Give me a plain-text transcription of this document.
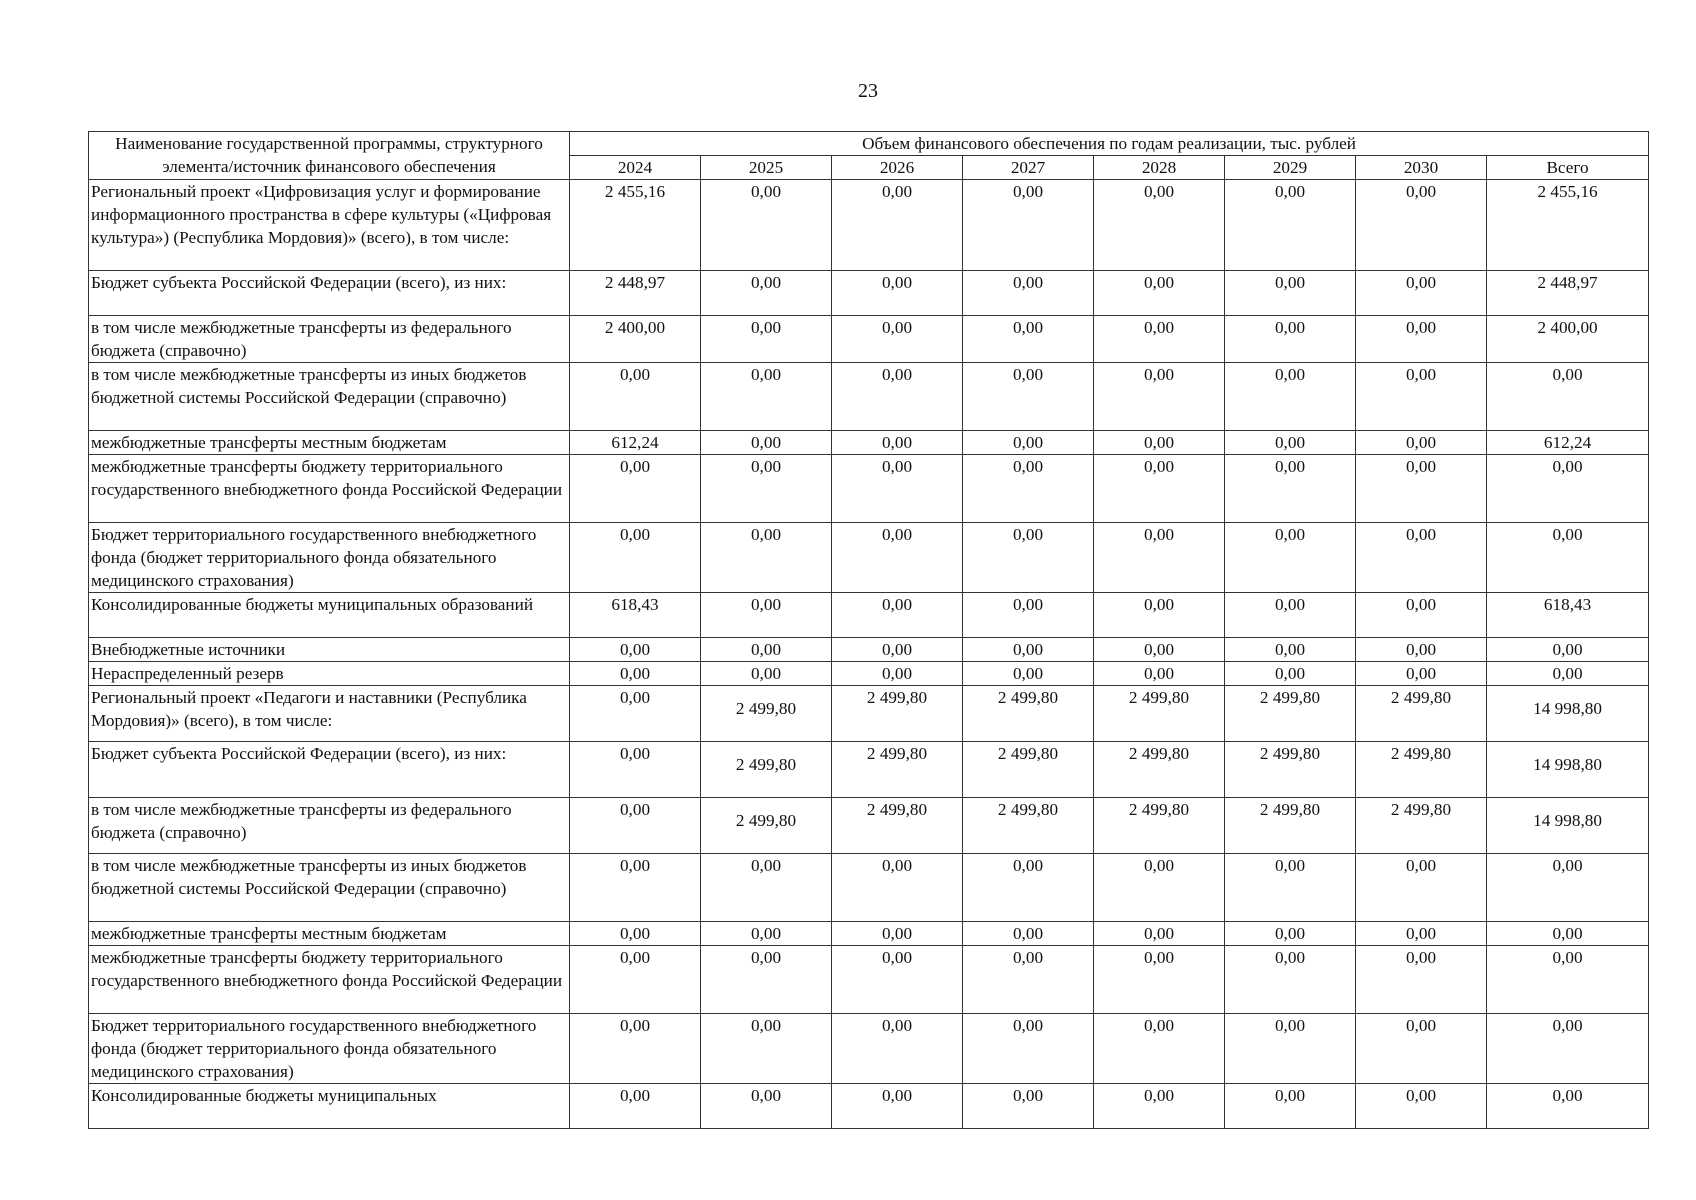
23
Наименование государственной программы, структурного элемента/источник финансового обеспечения	Объем финансового обеспечения по годам реализации, тыс. рублей							
	2024	2025	2026	2027	2028	2029	2030	Всего
Региональный проект «Цифровизация услуг и формирование информационного пространства в сфере культуры («Цифровая культура») (Республика Мордовия)» (всего), в том числе:	2 455,16	0,00	0,00	0,00	0,00	0,00	0,00	2 455,16
Бюджет субъекта Российской Федерации (всего), из них:	2 448,97	0,00	0,00	0,00	0,00	0,00	0,00	2 448,97
в том числе межбюджетные трансферты из федерального бюджета (справочно)	2 400,00	0,00	0,00	0,00	0,00	0,00	0,00	2 400,00
в том числе межбюджетные трансферты из иных бюджетов бюджетной системы Российской Федерации (справочно)	0,00	0,00	0,00	0,00	0,00	0,00	0,00	0,00
межбюджетные трансферты местным бюджетам	612,24	0,00	0,00	0,00	0,00	0,00	0,00	612,24
межбюджетные трансферты бюджету территориального государственного внебюджетного фонда Российской Федерации	0,00	0,00	0,00	0,00	0,00	0,00	0,00	0,00
Бюджет территориального государственного внебюджетного фонда (бюджет территориального фонда обязательного медицинского страхования)	0,00	0,00	0,00	0,00	0,00	0,00	0,00	0,00
Консолидированные бюджеты муниципальных образований	618,43	0,00	0,00	0,00	0,00	0,00	0,00	618,43
Внебюджетные источники	0,00	0,00	0,00	0,00	0,00	0,00	0,00	0,00
Нераспределенный резерв	0,00	0,00	0,00	0,00	0,00	0,00	0,00	0,00
Региональный проект «Педагоги и наставники (Республика Мордовия)» (всего), в том числе:	0,00	2 499,80	2 499,80	2 499,80	2 499,80	2 499,80	2 499,80	14 998,80
Бюджет субъекта Российской Федерации (всего), из них:	0,00	2 499,80	2 499,80	2 499,80	2 499,80	2 499,80	2 499,80	14 998,80
в том числе межбюджетные трансферты из федерального бюджета (справочно)	0,00	2 499,80	2 499,80	2 499,80	2 499,80	2 499,80	2 499,80	14 998,80
в том числе межбюджетные трансферты из иных бюджетов бюджетной системы Российской Федерации (справочно)	0,00	0,00	0,00	0,00	0,00	0,00	0,00	0,00
межбюджетные трансферты местным бюджетам	0,00	0,00	0,00	0,00	0,00	0,00	0,00	0,00
межбюджетные трансферты бюджету территориального государственного внебюджетного фонда Российской Федерации	0,00	0,00	0,00	0,00	0,00	0,00	0,00	0,00
Бюджет территориального государственного внебюджетного фонда (бюджет территориального фонда обязательного медицинского страхования)	0,00	0,00	0,00	0,00	0,00	0,00	0,00	0,00
Консолидированные бюджеты муниципальных	0,00	0,00	0,00	0,00	0,00	0,00	0,00	0,00
